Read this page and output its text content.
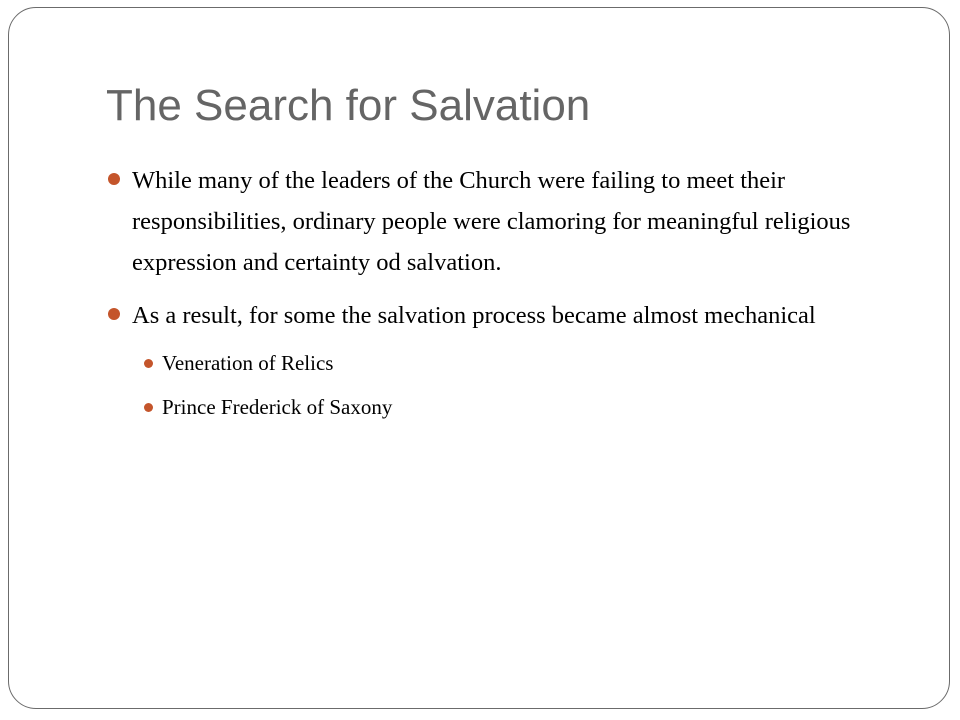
The Search for Salvation
While many of the leaders of the Church were failing to meet their responsibilities, ordinary people were clamoring for meaningful religious expression and certainty od salvation.
As a result, for some the salvation process became almost mechanical
Veneration of Relics
Prince Frederick of Saxony
